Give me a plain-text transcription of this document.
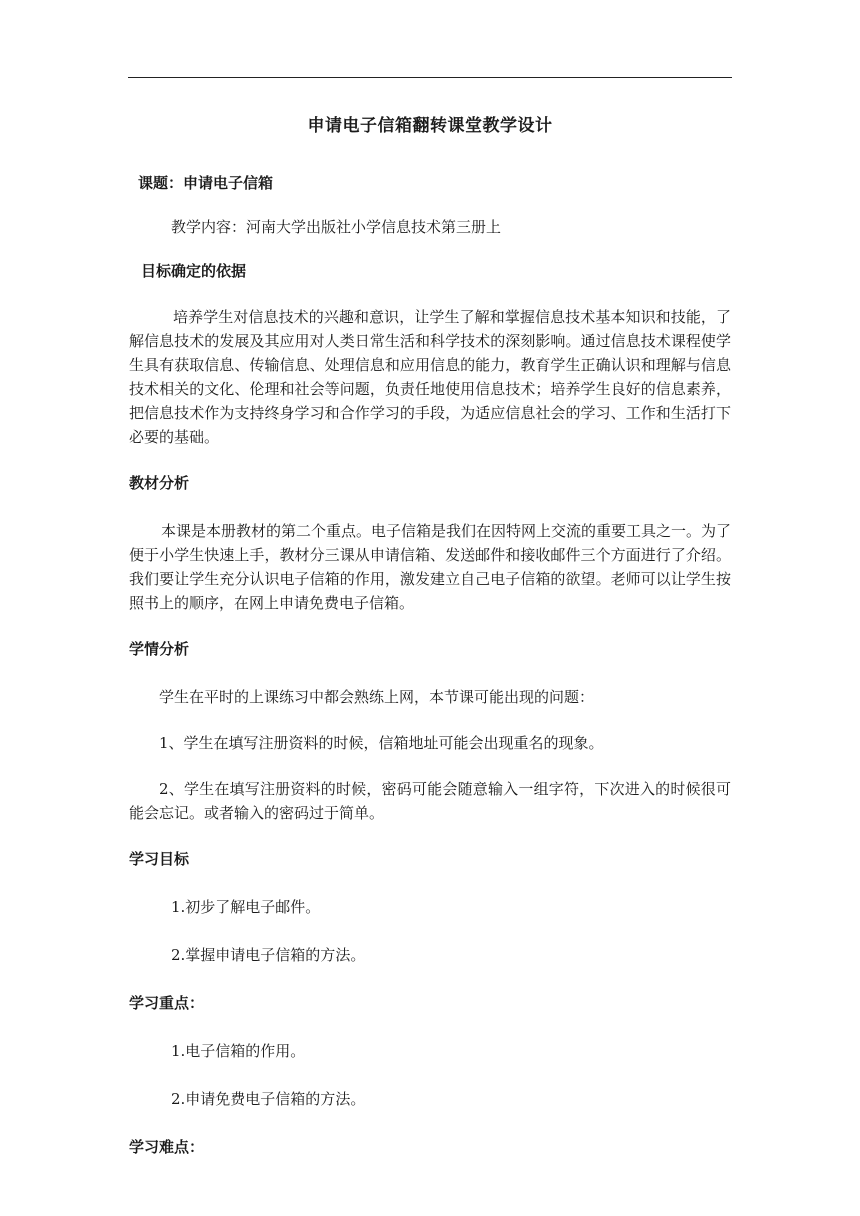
申请电子信箱翻转课堂教学设计

课题：申请电子信箱

教学内容：河南大学出版社小学信息技术第三册上

目标确定的依据

培养学生对信息技术的兴趣和意识，让学生了解和掌握信息技术基本知识和技能，了解信息技术的发展及其应用对人类日常生活和科学技术的深刻影响。通过信息技术课程使学生具有获取信息、传输信息、处理信息和应用信息的能力，教育学生正确认识和理解与信息技术相关的文化、伦理和社会等问题，负责任地使用信息技术；培养学生良好的信息素养，把信息技术作为支持终身学习和合作学习的手段，为适应信息社会的学习、工作和生活打下必要的基础。

教材分析

本课是本册教材的第二个重点。电子信箱是我们在因特网上交流的重要工具之一。为了便于小学生快速上手，教材分三课从申请信箱、发送邮件和接收邮件三个方面进行了介绍。我们要让学生充分认识电子信箱的作用，激发建立自己电子信箱的欲望。老师可以让学生按照书上的顺序，在网上申请免费电子信箱。

学情分析

学生在平时的上课练习中都会熟练上网，本节课可能出现的问题：

1、学生在填写注册资料的时候，信箱地址可能会出现重名的现象。

2、学生在填写注册资料的时候，密码可能会随意输入一组字符，下次进入的时候很可能会忘记。或者输入的密码过于简单。

学习目标

1.初步了解电子邮件。

2.掌握申请电子信箱的方法。

学习重点：

1.电子信箱的作用。

2.申请免费电子信箱的方法。

学习难点：
